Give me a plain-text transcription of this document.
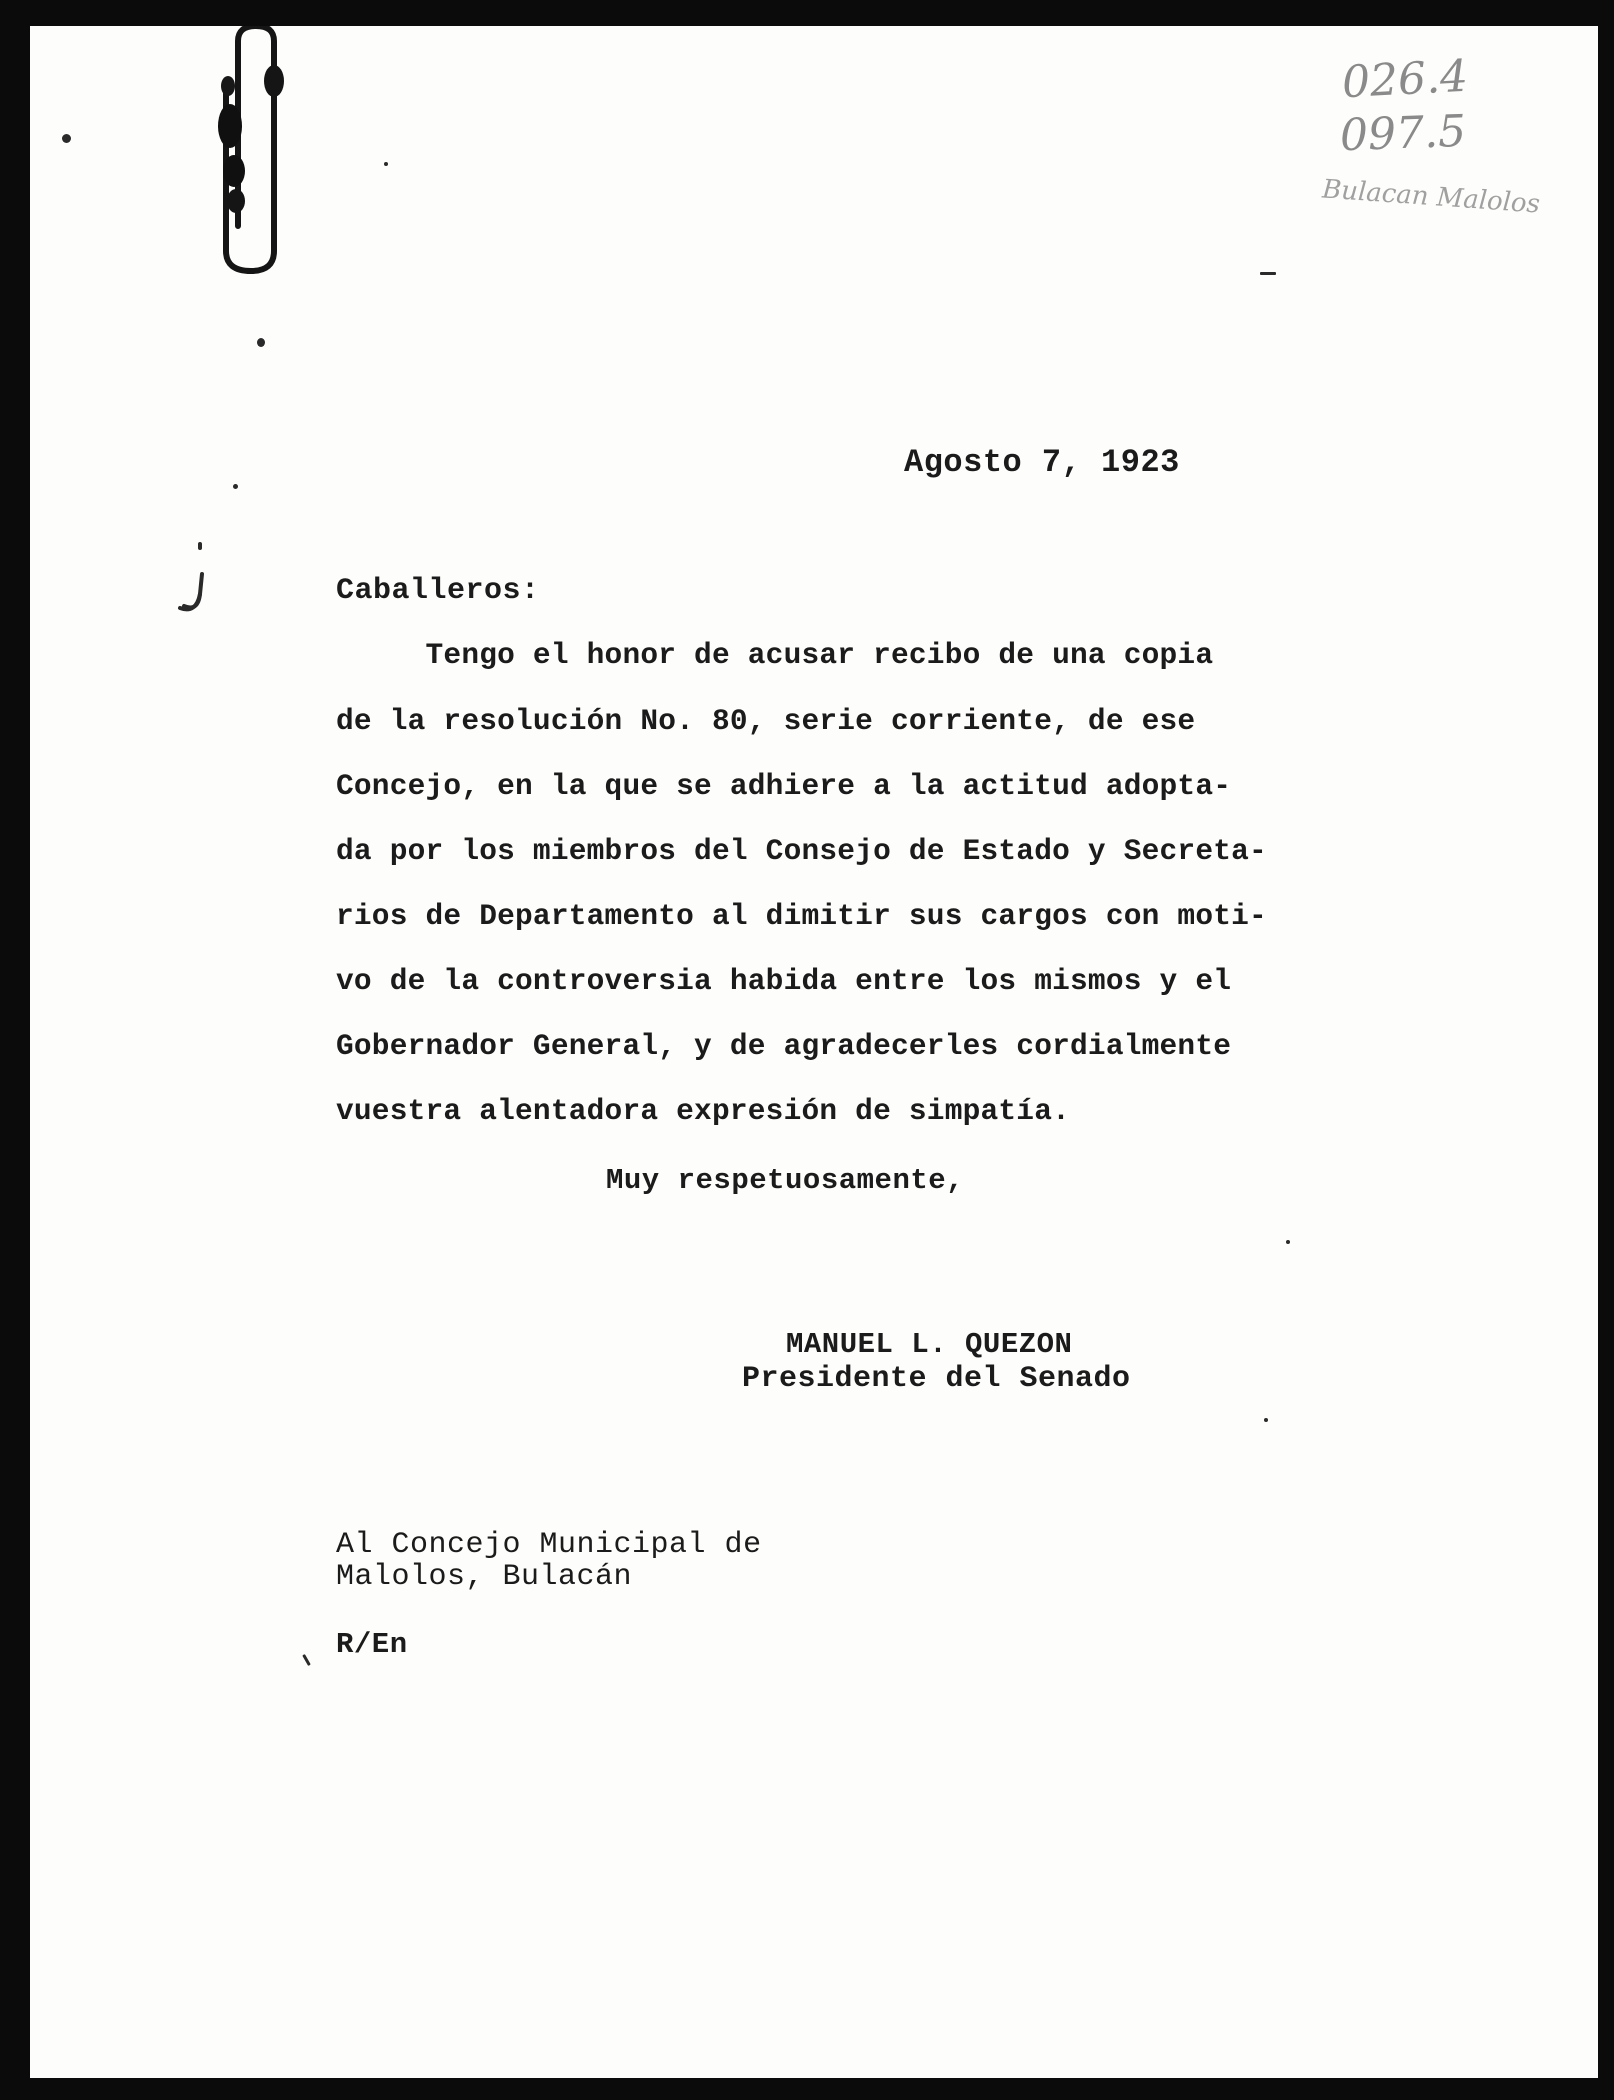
026.4

097.5

Bulacan Malolos

Agosto 7, 1923

Caballeros:

Tengo el honor de acusar recibo de una copia

de la resolución No. 80, serie corriente, de ese

Concejo, en la que se adhiere a la actitud adopta-

da por los miembros del Consejo de Estado y Secreta-

rios de Departamento al dimitir sus cargos con moti-

vo de la controversia habida entre los mismos y el

Gobernador General, y de agradecerles cordialmente

vuestra alentadora expresión de simpatía.

Muy respetuosamente,

MANUEL L. QUEZON

Presidente del Senado

Al Concejo Municipal de

Malolos, Bulacán

R/En
